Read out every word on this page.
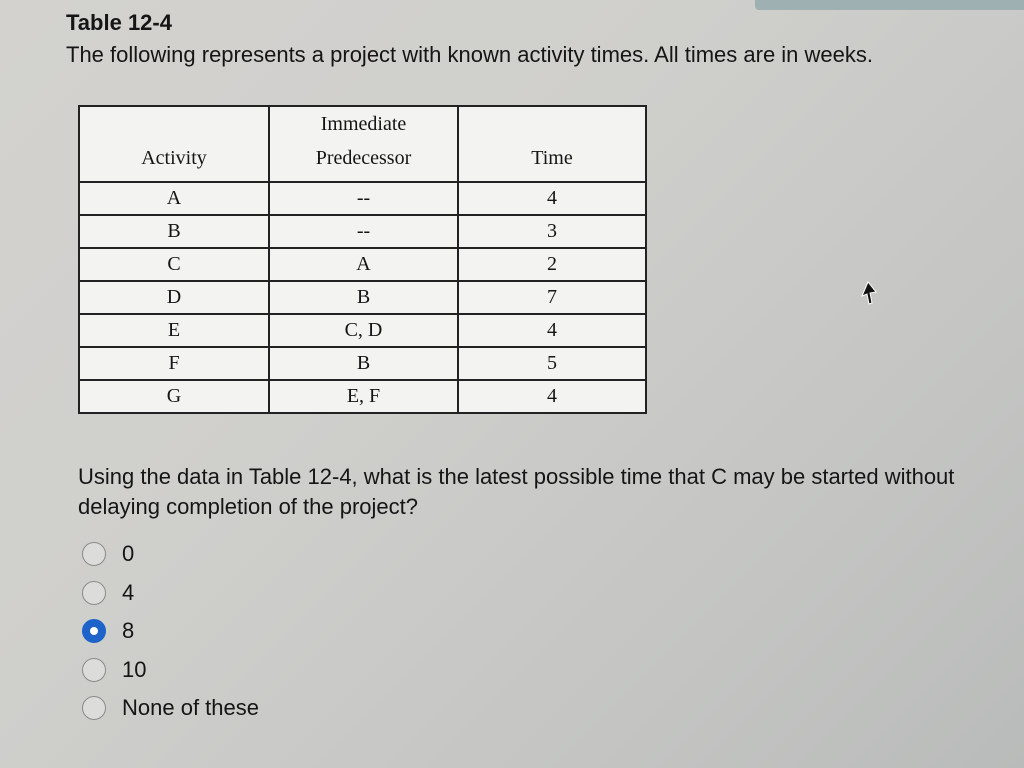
Table 12-4
The following represents a project with known activity times. All times are in weeks.
Activity	Immediate Predecessor	Time
A	--	4
B	--	3
C	A	2
D	B	7
E	C, D	4
F	B	5
G	E, F	4
Using the data in Table 12-4, what is the latest possible time that C may be started without delaying completion of the project?
0
4
8
10
None of these
